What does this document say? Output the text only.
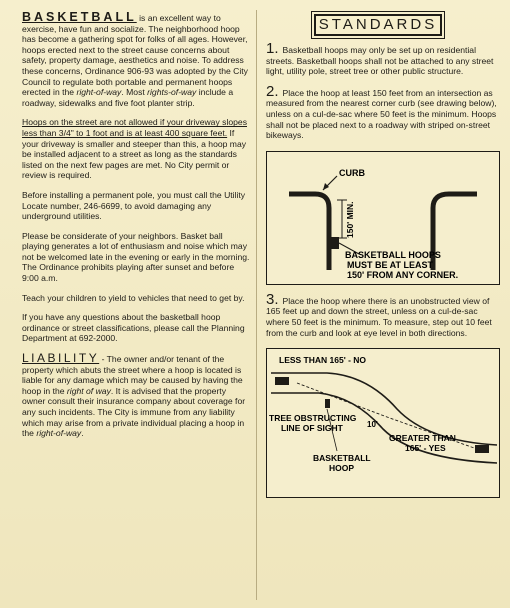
BASKETBALL is an excellent way to exercise, have fun and socialize. The neighborhood hoop has become a gathering spot for folks of all ages. However, hoops erected next to the street cause concerns about safety, property damage, aesthetics and noise. To address these concerns, Ordinance 906-93 was adopted by the City Council to regulate both portable and permanent hoops erected in the right-of-way. Most rights-of-way include a roadway, sidewalks and five foot planter strip.

Hoops on the street are not allowed if your driveway slopes less than 3/4" to 1 foot and is at least 400 square feet. If your driveway is smaller and steeper than this, a hoop may be installed adjacent to a street as long as the standards listed on the next few pages are met. No City permit or review is required.

Before installing a permanent pole, you must call the Utility Locate number, 246-6699, to avoid damaging any underground utilities.

Please be considerate of your neighbors. Basket ball playing generates a lot of enthusiasm and noise which may not be welcomed late in the evening or early in the morning. The Ordinance prohibits playing after sunset and before 9:00 a.m.

Teach your children to yield to vehicles that need to get by.

If you have any questions about the basketball hoop ordinance or street classifications, please call the Planning Department at 692-2000.

LIABILITY - The owner and/or tenant of the property which abuts the street where a hoop is located is liable for any damage which may be caused by having the hoop in the right of way. It is advised that the property owner consult their insurance company about coverage for any such incidents. The City is immune from any liability which may arise from a private individual placing a hoop in the right-of-way.

STANDARDS
1. Basketball hoops may only be set up on residential streets. Basketball hoops shall not be attached to any street light, utility pole, street tree or other public structure.
2. Place the hoop at least 150 feet from an intersection as measured from the nearest corner curb (see drawing below), unless on a cul-de-sac where 50 feet is the minimum. Hoops shall not be placed next to a roadway with striped on-street bikeways.
CURB
150' MIN.
BASKETBALL HOOPS
MUST BE AT LEAST
150' FROM ANY CORNER.
3. Place the hoop where there is an unobstructed view of 165 feet up and down the street, unless on a cul-de-sac where 50 feet is the minimum. To measure, step out 10 feet from the curb and look at eye level in both directions.
LESS THAN 165' - NO
TREE OBSTRUCTING
LINE OF SIGHT	10'
GREATER THAN
165' - YES
BASKETBALL
HOOP
